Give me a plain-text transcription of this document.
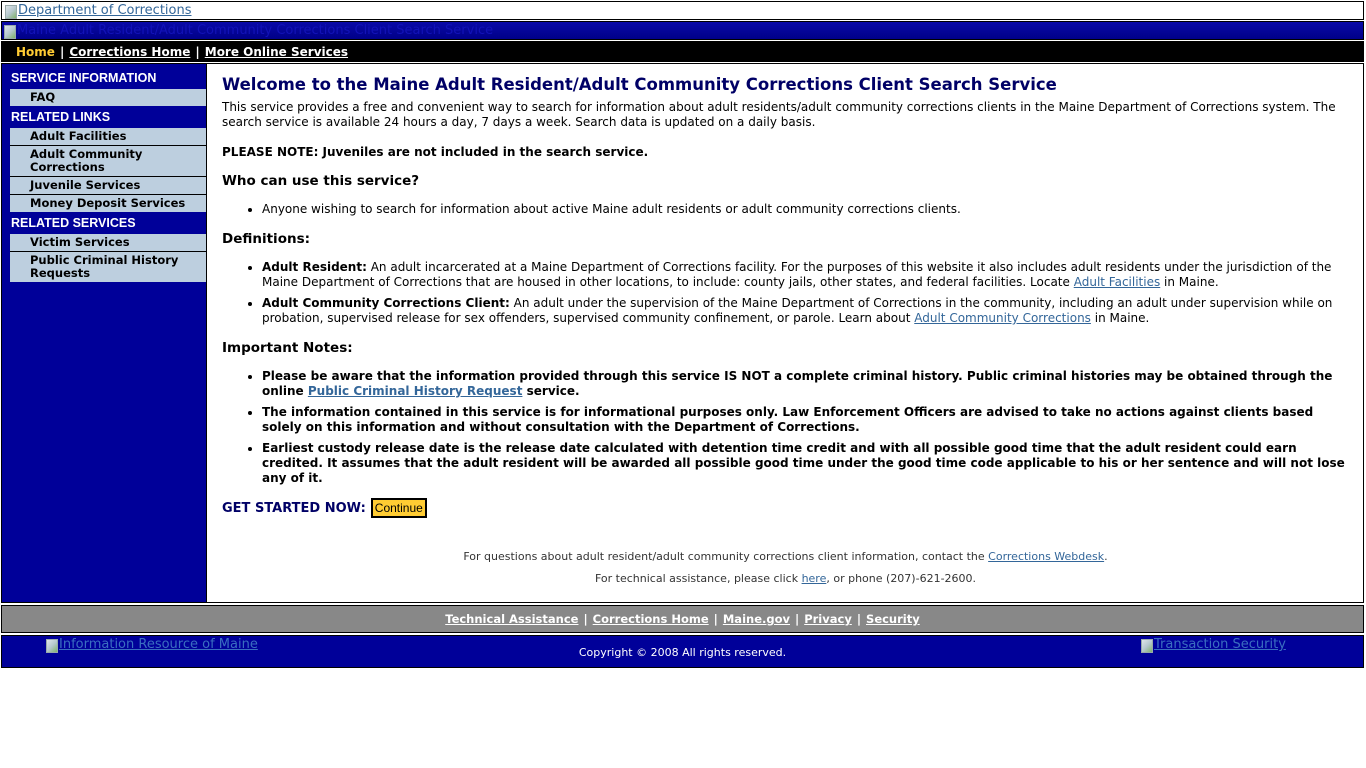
Department of Corrections
Maine Adult Resident/Adult Community Corrections Client Search Service
Home | Corrections Home | More Online Services
SERVICE INFORMATION
FAQ
RELATED LINKS
Adult Facilities
Adult Community Corrections
Juvenile Services
Money Deposit Services
RELATED SERVICES
Victim Services
Public Criminal History Requests
Welcome to the Maine Adult Resident/Adult Community Corrections Client Search Service

This service provides a free and convenient way to search for information about adult residents/adult community corrections clients in the Maine Department of Corrections system. The search service is available 24 hours a day, 7 days a week. Search data is updated on a daily basis.

PLEASE NOTE: Juveniles are not included in the search service.

Who can use this service?
• Anyone wishing to search for information about active Maine adult residents or adult community corrections clients.
Definitions:
• Adult Resident: An adult incarcerated at a Maine Department of Corrections facility. For the purposes of this website it also includes adult residents under the jurisdiction of the Maine Department of Corrections that are housed in other locations, to include: county jails, other states, and federal facilities. Locate Adult Facilities in Maine.
• Adult Community Corrections Client: An adult under the supervision of the Maine Department of Corrections in the community, including an adult under supervision while on probation, supervised release for sex offenders, supervised community confinement, or parole. Learn about Adult Community Corrections in Maine.
Important Notes:
• Please be aware that the information provided through this service IS NOT a complete criminal history. Public criminal histories may be obtained through the online Public Criminal History Request service.
• The information contained in this service is for informational purposes only. Law Enforcement Officers are advised to take no actions against clients based solely on this information and without consultation with the Department of Corrections.
• Earliest custody release date is the release date calculated with detention time credit and with all possible good time that the adult resident could earn credited. It assumes that the adult resident will be awarded all possible good time under the good time code applicable to his or her sentence and will not lose any of it.
GET STARTED NOW: Continue
For questions about adult resident/adult community corrections client information, contact the Corrections Webdesk.
For technical assistance, please click here, or phone (207)-621-2600.
Technical Assistance | Corrections Home | Maine.gov | Privacy | Security
Information Resource of Maine
Copyright © 2008 All rights reserved.
Transaction Security
